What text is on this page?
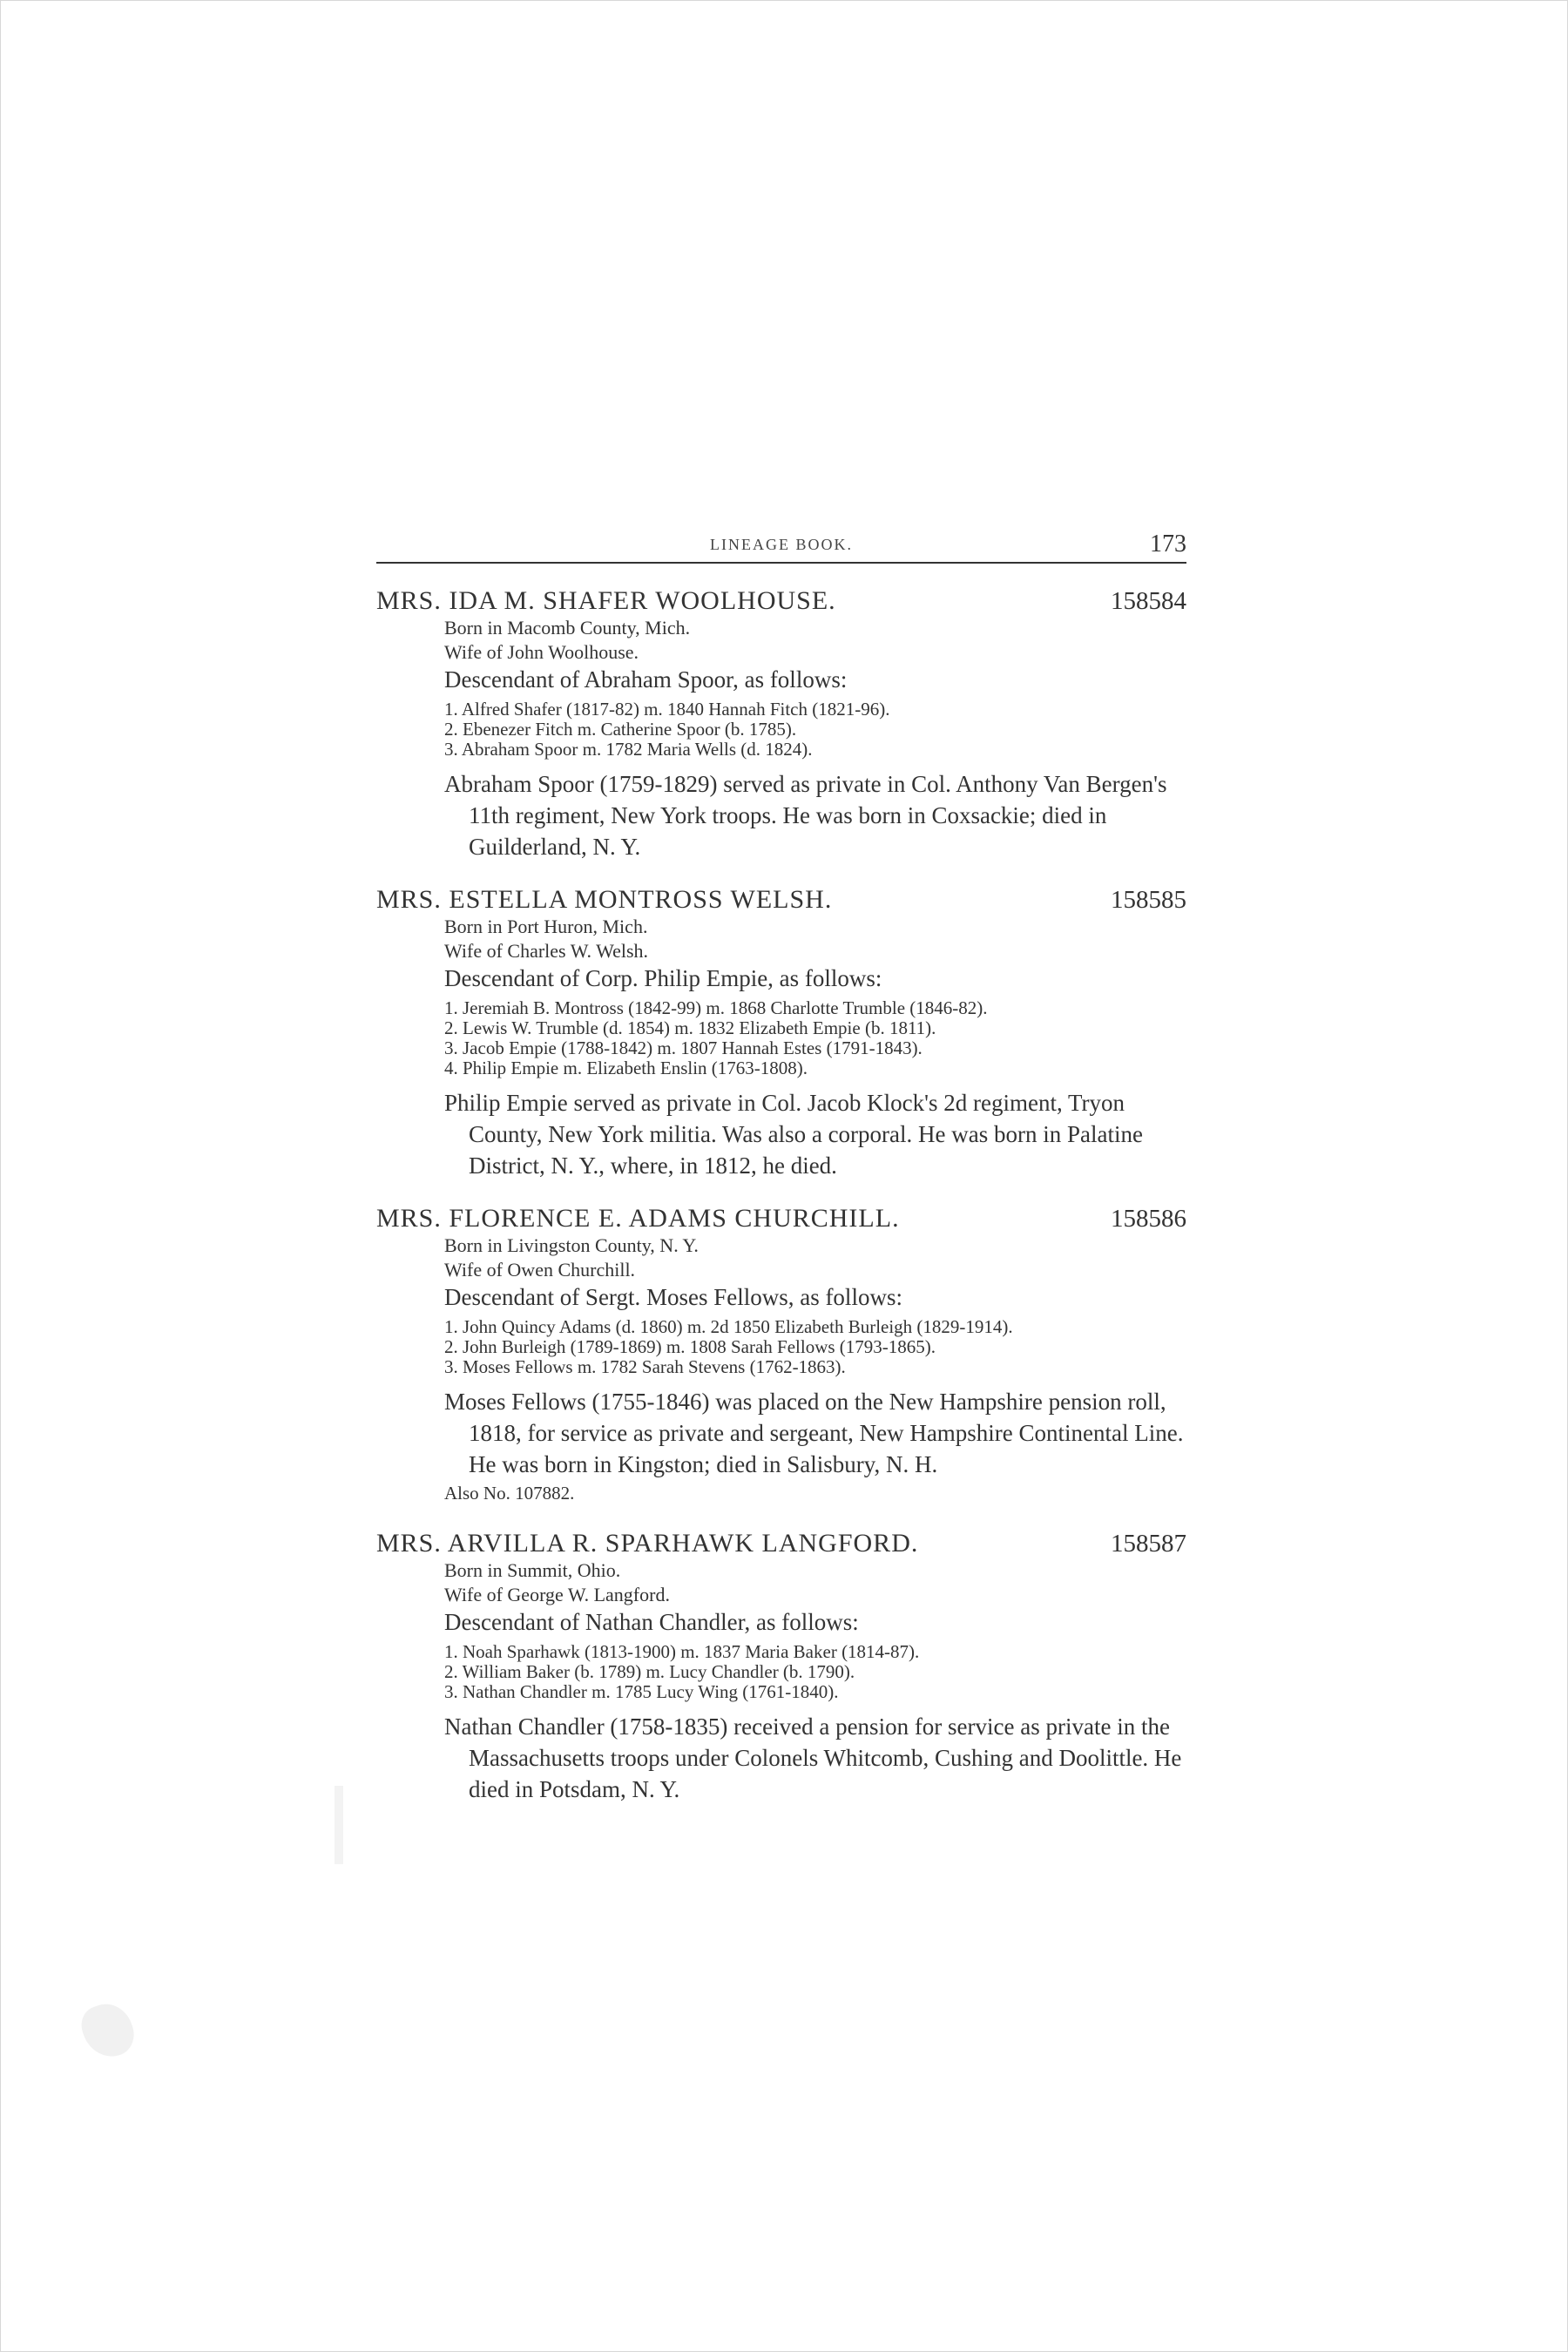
LINEAGE BOOK.	173
MRS. IDA M. SHAFER WOOLHOUSE.	158584
Born in Macomb County, Mich.
Wife of John Woolhouse.
Descendant of Abraham Spoor, as follows:
1. Alfred Shafer (1817-82) m. 1840 Hannah Fitch (1821-96).
2. Ebenezer Fitch m. Catherine Spoor (b. 1785).
3. Abraham Spoor m. 1782 Maria Wells (d. 1824).
Abraham Spoor (1759-1829) served as private in Col. Anthony Van Bergen's 11th regiment, New York troops. He was born in Coxsackie; died in Guilderland, N. Y.
MRS. ESTELLA MONTROSS WELSH.	158585
Born in Port Huron, Mich.
Wife of Charles W. Welsh.
Descendant of Corp. Philip Empie, as follows:
1. Jeremiah B. Montross (1842-99) m. 1868 Charlotte Trumble (1846-82).
2. Lewis W. Trumble (d. 1854) m. 1832 Elizabeth Empie (b. 1811).
3. Jacob Empie (1788-1842) m. 1807 Hannah Estes (1791-1843).
4. Philip Empie m. Elizabeth Enslin (1763-1808).
Philip Empie served as private in Col. Jacob Klock's 2d regiment, Tryon County, New York militia. Was also a corporal. He was born in Palatine District, N. Y., where, in 1812, he died.
MRS. FLORENCE E. ADAMS CHURCHILL.	158586
Born in Livingston County, N. Y.
Wife of Owen Churchill.
Descendant of Sergt. Moses Fellows, as follows:
1. John Quincy Adams (d. 1860) m. 2d 1850 Elizabeth Burleigh (1829-1914).
2. John Burleigh (1789-1869) m. 1808 Sarah Fellows (1793-1865).
3. Moses Fellows m. 1782 Sarah Stevens (1762-1863).
Moses Fellows (1755-1846) was placed on the New Hampshire pension roll, 1818, for service as private and sergeant, New Hampshire Continental Line. He was born in Kingston; died in Salisbury, N. H.
Also No. 107882.
MRS. ARVILLA R. SPARHAWK LANGFORD.	158587
Born in Summit, Ohio.
Wife of George W. Langford.
Descendant of Nathan Chandler, as follows:
1. Noah Sparhawk (1813-1900) m. 1837 Maria Baker (1814-87).
2. William Baker (b. 1789) m. Lucy Chandler (b. 1790).
3. Nathan Chandler m. 1785 Lucy Wing (1761-1840).
Nathan Chandler (1758-1835) received a pension for service as private in the Massachusetts troops under Colonels Whitcomb, Cushing and Doolittle. He died in Potsdam, N. Y.
